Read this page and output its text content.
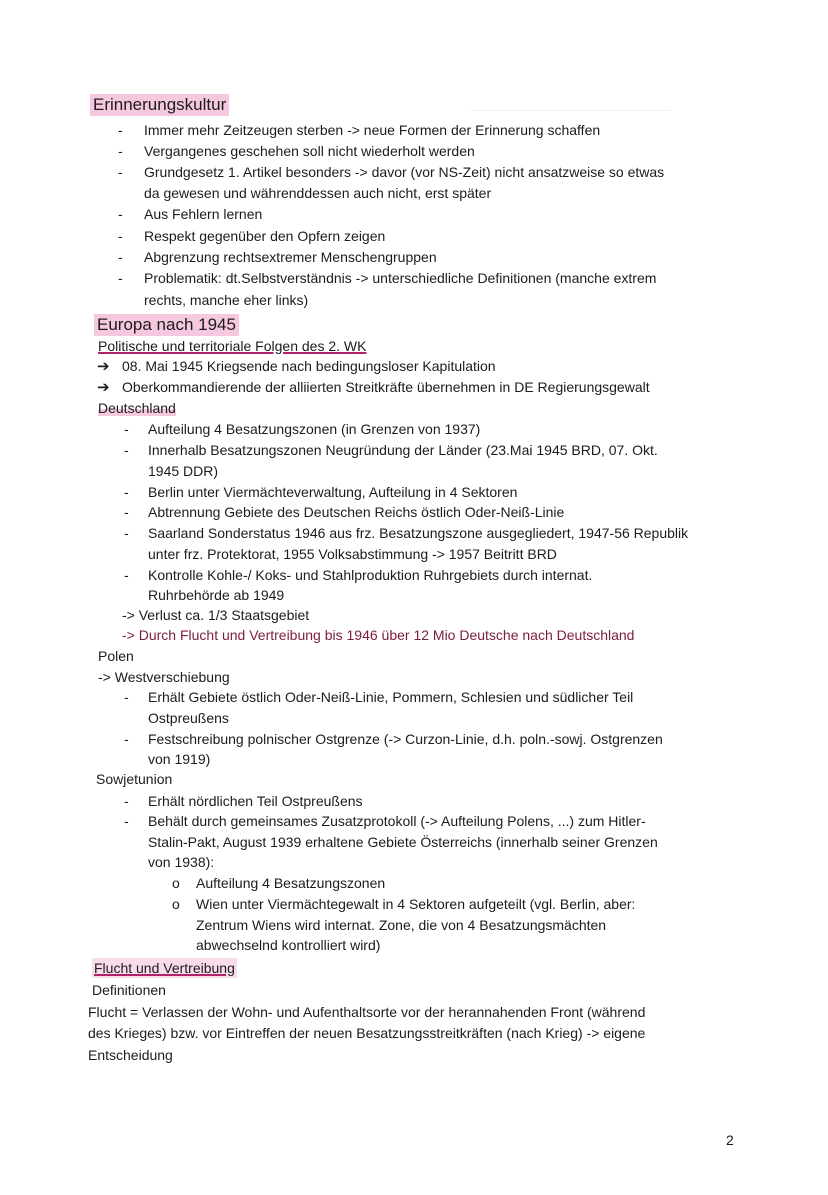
Erinnerungskultur
- Immer mehr Zeitzeugen sterben -> neue Formen der Erinnerung schaffen
- Vergangenes geschehen soll nicht wiederholt werden
- Grundgesetz 1. Artikel besonders -> davor (vor NS-Zeit) nicht ansatzweise so etwas
da gewesen und währenddessen auch nicht, erst später
- Aus Fehlern lernen
- Respekt gegenüber den Opfern zeigen
- Abgrenzung rechtsextremer Menschengruppen
- Problematik: dt.Selbstverständnis -> unterschiedliche Definitionen (manche extrem
rechts, manche eher links)
Europa nach 1945
Politische und territoriale Folgen des 2. WK
➔ 08. Mai 1945 Kriegsende nach bedingungsloser Kapitulation
➔ Oberkommandierende der alliierten Streitkräfte übernehmen in DE Regierungsgewalt
Deutschland
- Aufteilung 4 Besatzungszonen (in Grenzen von 1937)
- Innerhalb Besatzungszonen Neugründung der Länder (23.Mai 1945 BRD, 07. Okt.
1945 DDR)
- Berlin unter Viermächteverwaltung, Aufteilung in 4 Sektoren
- Abtrennung Gebiete des Deutschen Reichs östlich Oder-Neiß-Linie
- Saarland Sonderstatus 1946 aus frz. Besatzungszone ausgegliedert, 1947-56 Republik
unter frz. Protektorat, 1955 Volksabstimmung -> 1957 Beitritt BRD
- Kontrolle Kohle-/ Koks- und Stahlproduktion Ruhrgebiets durch internat.
Ruhrbehörde ab 1949
-> Verlust ca. 1/3 Staatsgebiet
-> Durch Flucht und Vertreibung bis 1946 über 12 Mio Deutsche nach Deutschland
Polen
-> Westverschiebung
- Erhält Gebiete östlich Oder-Neiß-Linie, Pommern, Schlesien und südlicher Teil
Ostpreußens
- Festschreibung polnischer Ostgrenze (-> Curzon-Linie, d.h. poln.-sowj. Ostgrenzen
von 1919)
Sowjetunion
- Erhält nördlichen Teil Ostpreußens
- Behält durch gemeinsames Zusatzprotokoll (-> Aufteilung Polens, ...) zum Hitler-
Stalin-Pakt, August 1939 erhaltene Gebiete Österreichs (innerhalb seiner Grenzen
von 1938):
o Aufteilung 4 Besatzungszonen
o Wien unter Viermächtegewalt in 4 Sektoren aufgeteilt (vgl. Berlin, aber:
Zentrum Wiens wird internat. Zone, die von 4 Besatzungsmächten
abwechselnd kontrolliert wird)
Flucht und Vertreibung
Definitionen
Flucht = Verlassen der Wohn- und Aufenthaltsorte vor der herannahenden Front (während
des Krieges) bzw. vor Eintreffen der neuen Besatzungsstreitkräften (nach Krieg) -> eigene
Entscheidung
2
